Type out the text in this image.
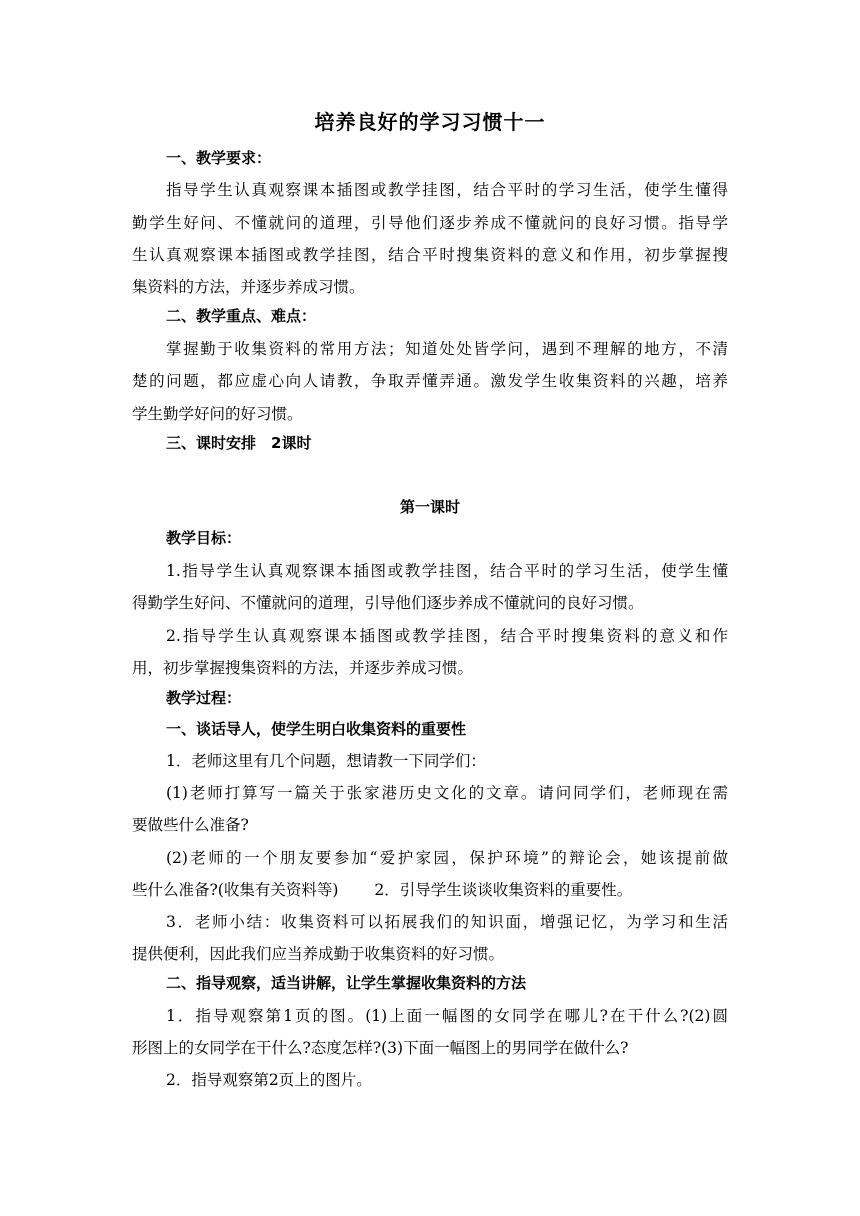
培养良好的学习习惯十一
一、教学要求：
指导学生认真观察课本插图或教学挂图，结合平时的学习生活，使学生懂得
勤学生好问、不懂就问的道理，引导他们逐步养成不懂就问的良好习惯。指导学
生认真观察课本插图或教学挂图，结合平时搜集资料的意义和作用，初步掌握搜
集资料的方法，并逐步养成习惯。
二、教学重点、难点：
掌握勤于收集资料的常用方法；知道处处皆学问，遇到不理解的地方，不清
楚的问题，都应虚心向人请教，争取弄懂弄通。激发学生收集资料的兴趣，培养
学生勤学好问的好习惯。
三、课时安排　2课时
第一课时
教学目标：
1.指导学生认真观察课本插图或教学挂图，结合平时的学习生活，使学生懂
得勤学生好问、不懂就问的道理，引导他们逐步养成不懂就问的良好习惯。
2.指导学生认真观察课本插图或教学挂图，结合平时搜集资料的意义和作
用，初步掌握搜集资料的方法，并逐步养成习惯。
教学过程：
一、谈话导人，使学生明白收集资料的重要性
1．老师这里有几个问题，想请教一下同学们：
(1)老师打算写一篇关于张家港历史文化的文章。请问同学们，老师现在需
要做些什么准备?
(2)老师的一个朋友要参加“爱护家园，保护环境”的辩论会，她该提前做
些什么准备?(收集有关资料等)　　 2．引导学生谈谈收集资料的重要性。
3．老师小结：收集资料可以拓展我们的知识面，增强记忆，为学习和生活
提供便利，因此我们应当养成勤于收集资料的好习惯。
二、指导观察，适当讲解，让学生掌握收集资料的方法
1．指导观察第1页的图。(1)上面一幅图的女同学在哪儿?在干什么?(2)圆
形图上的女同学在干什么?态度怎样?(3)下面一幅图上的男同学在做什么?
2．指导观察第2页上的图片。
